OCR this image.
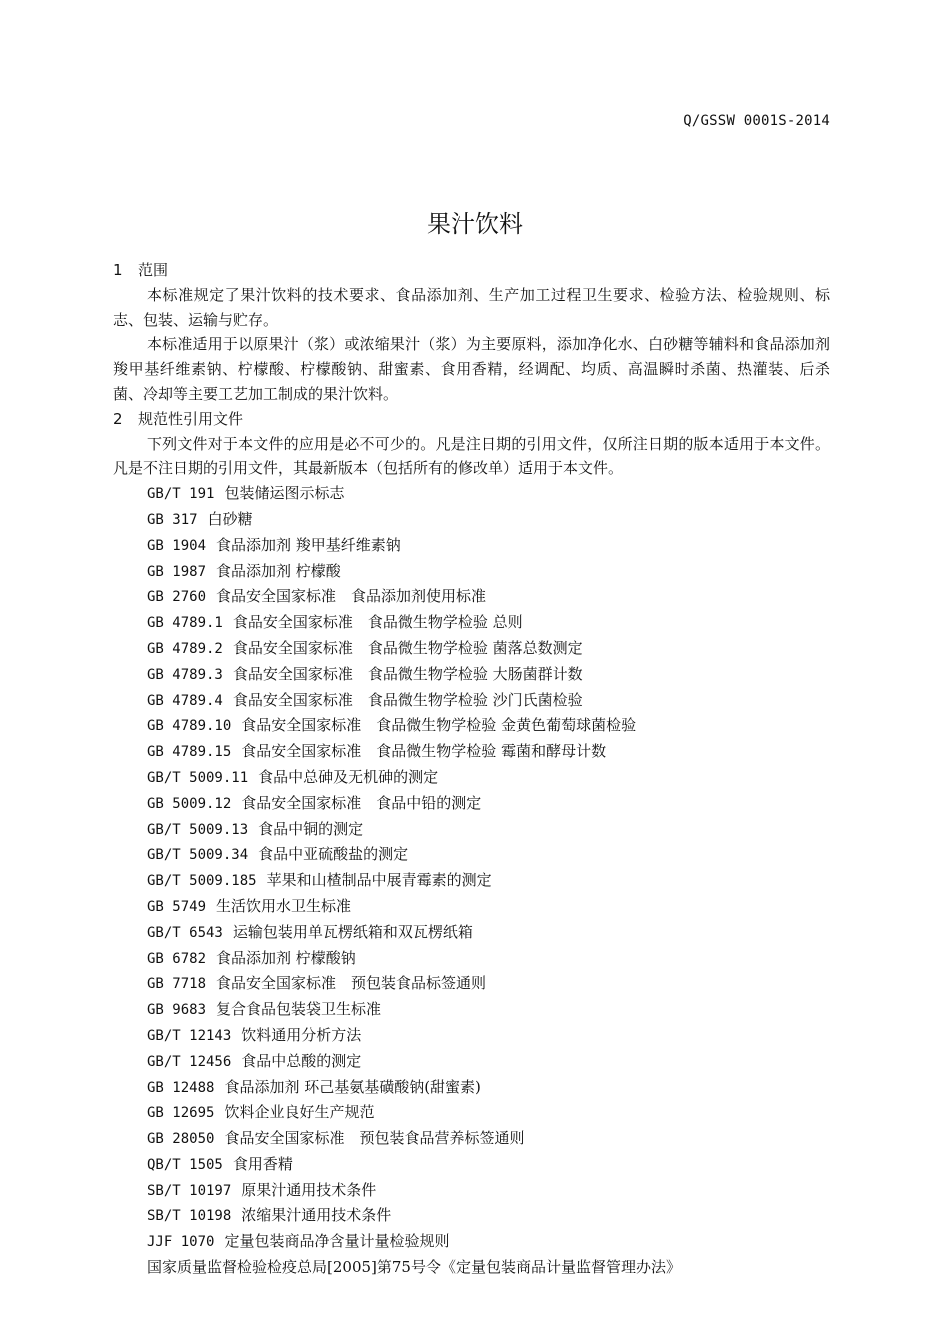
Q/GSSW 0001S-2014
果汁饮料
1 范围

本标准规定了果汁饮料的技术要求、食品添加剂、生产加工过程卫生要求、检验方法、检验规则、标志、包装、运输与贮存。

本标准适用于以原果汁（浆）或浓缩果汁（浆）为主要原料，添加净化水、白砂糖等辅料和食品添加剂羧甲基纤维素钠、柠檬酸、柠檬酸钠、甜蜜素、食用香精，经调配、均质、高温瞬时杀菌、热灌装、后杀菌、冷却等主要工艺加工制成的果汁饮料。

2 规范性引用文件

下列文件对于本文件的应用是必不可少的。凡是注日期的引用文件，仅所注日期的版本适用于本文件。凡是不注日期的引用文件，其最新版本（包括所有的修改单）适用于本文件。

GB/T 191 包装储运图示标志
GB 317 白砂糖
GB 1904 食品添加剂 羧甲基纤维素钠
GB 1987 食品添加剂 柠檬酸
GB 2760 食品安全国家标准　食品添加剂使用标准
GB 4789.1 食品安全国家标准　食品微生物学检验 总则
GB 4789.2 食品安全国家标准　食品微生物学检验 菌落总数测定
GB 4789.3 食品安全国家标准　食品微生物学检验 大肠菌群计数
GB 4789.4 食品安全国家标准　食品微生物学检验 沙门氏菌检验
GB 4789.10 食品安全国家标准　食品微生物学检验 金黄色葡萄球菌检验
GB 4789.15 食品安全国家标准　食品微生物学检验 霉菌和酵母计数
GB/T 5009.11 食品中总砷及无机砷的测定
GB 5009.12 食品安全国家标准　食品中铅的测定
GB/T 5009.13 食品中铜的测定
GB/T 5009.34 食品中亚硫酸盐的测定
GB/T 5009.185 苹果和山楂制品中展青霉素的测定
GB 5749 生活饮用水卫生标准
GB/T 6543 运输包装用单瓦楞纸箱和双瓦楞纸箱
GB 6782 食品添加剂 柠檬酸钠
GB 7718 食品安全国家标准　预包装食品标签通则
GB 9683 复合食品包装袋卫生标准
GB/T 12143 饮料通用分析方法
GB/T 12456 食品中总酸的测定
GB 12488 食品添加剂 环己基氨基磺酸钠(甜蜜素)
GB 12695 饮料企业良好生产规范
GB 28050 食品安全国家标准　预包装食品营养标签通则
QB/T 1505 食用香精
SB/T 10197 原果汁通用技术条件
SB/T 10198 浓缩果汁通用技术条件
JJF 1070 定量包装商品净含量计量检验规则
国家质量监督检验检疫总局[2005]第75号令《定量包装商品计量监督管理办法》
